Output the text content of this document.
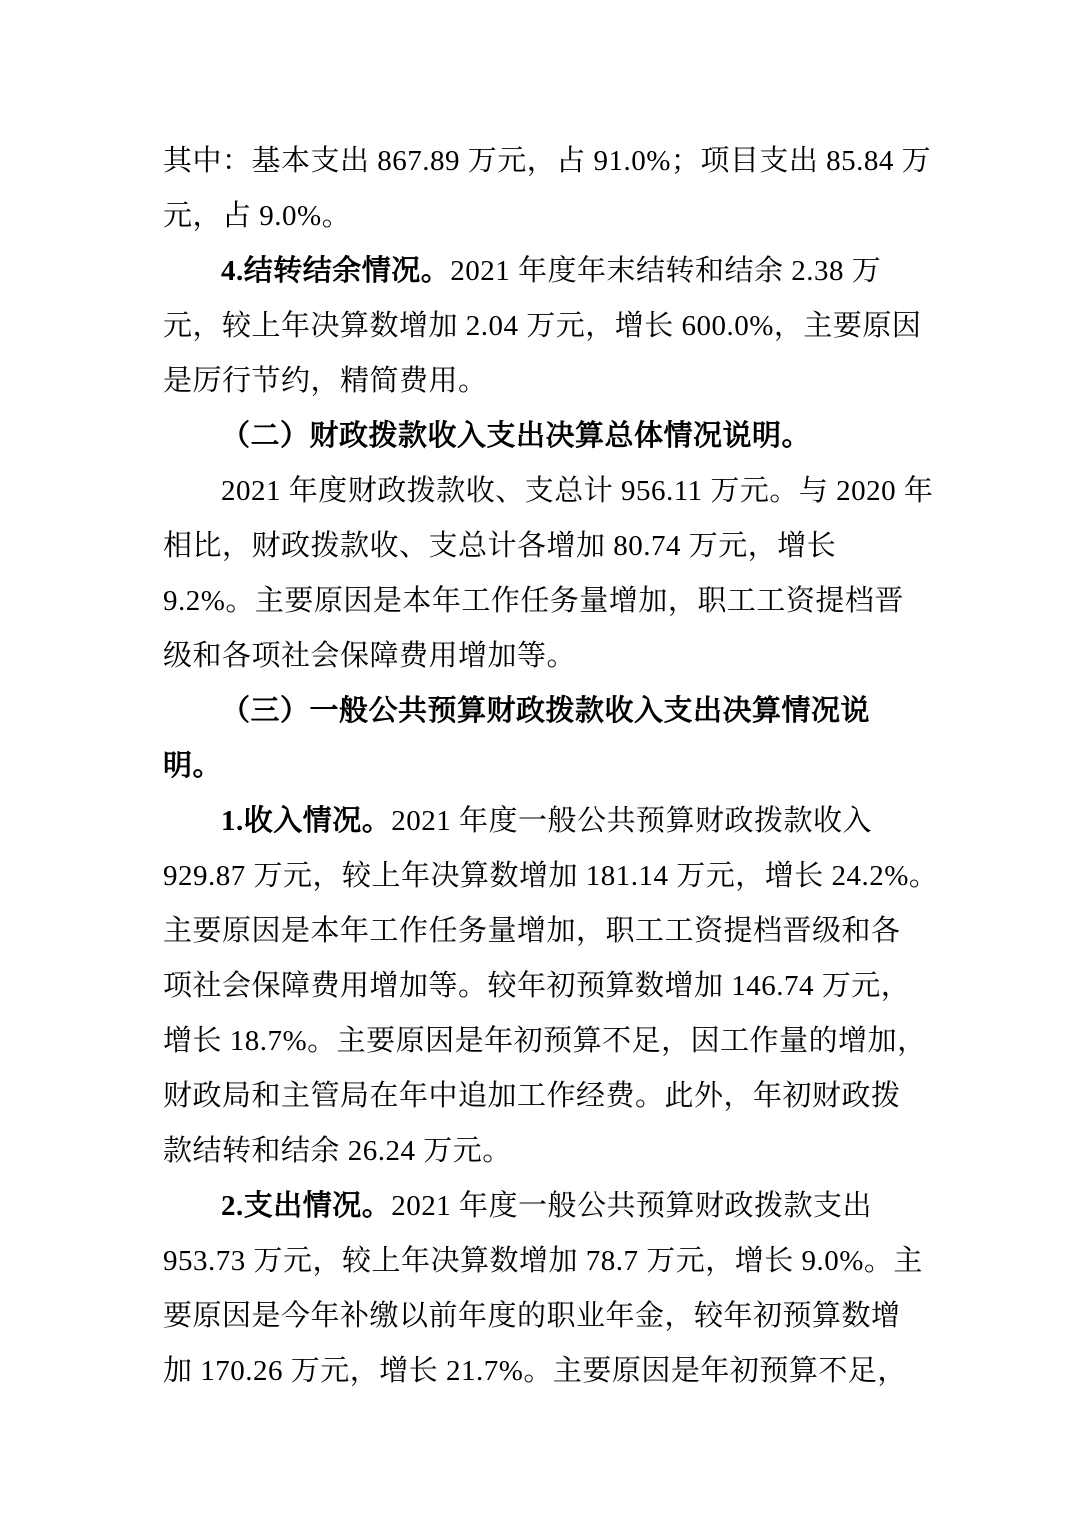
其中：基本支出 867.89 万元，占 91.0%；项目支出 85.84 万
元，占 9.0%。
4.结转结余情况。2021 年度年末结转和结余 2.38 万
元，较上年决算数增加 2.04 万元，增长 600.0%，主要原因
是厉行节约，精简费用。
（二）财政拨款收入支出决算总体情况说明。
2021 年度财政拨款收、支总计 956.11 万元。与 2020 年
相比，财政拨款收、支总计各增加 80.74 万元，增长
9.2%。主要原因是本年工作任务量增加，职工工资提档晋
级和各项社会保障费用增加等。
（三）一般公共预算财政拨款收入支出决算情况说
明。
1.收入情况。2021 年度一般公共预算财政拨款收入
929.87 万元，较上年决算数增加 181.14 万元，增长 24.2%。
主要原因是本年工作任务量增加，职工工资提档晋级和各
项社会保障费用增加等。较年初预算数增加 146.74 万元，
增长 18.7%。主要原因是年初预算不足，因工作量的增加，
财政局和主管局在年中追加工作经费。此外，年初财政拨
款结转和结余 26.24 万元。
2.支出情况。2021 年度一般公共预算财政拨款支出
953.73 万元，较上年决算数增加 78.7 万元，增长 9.0%。主
要原因是今年补缴以前年度的职业年金，较年初预算数增
加 170.26 万元，增长 21.7%。主要原因是年初预算不足，
